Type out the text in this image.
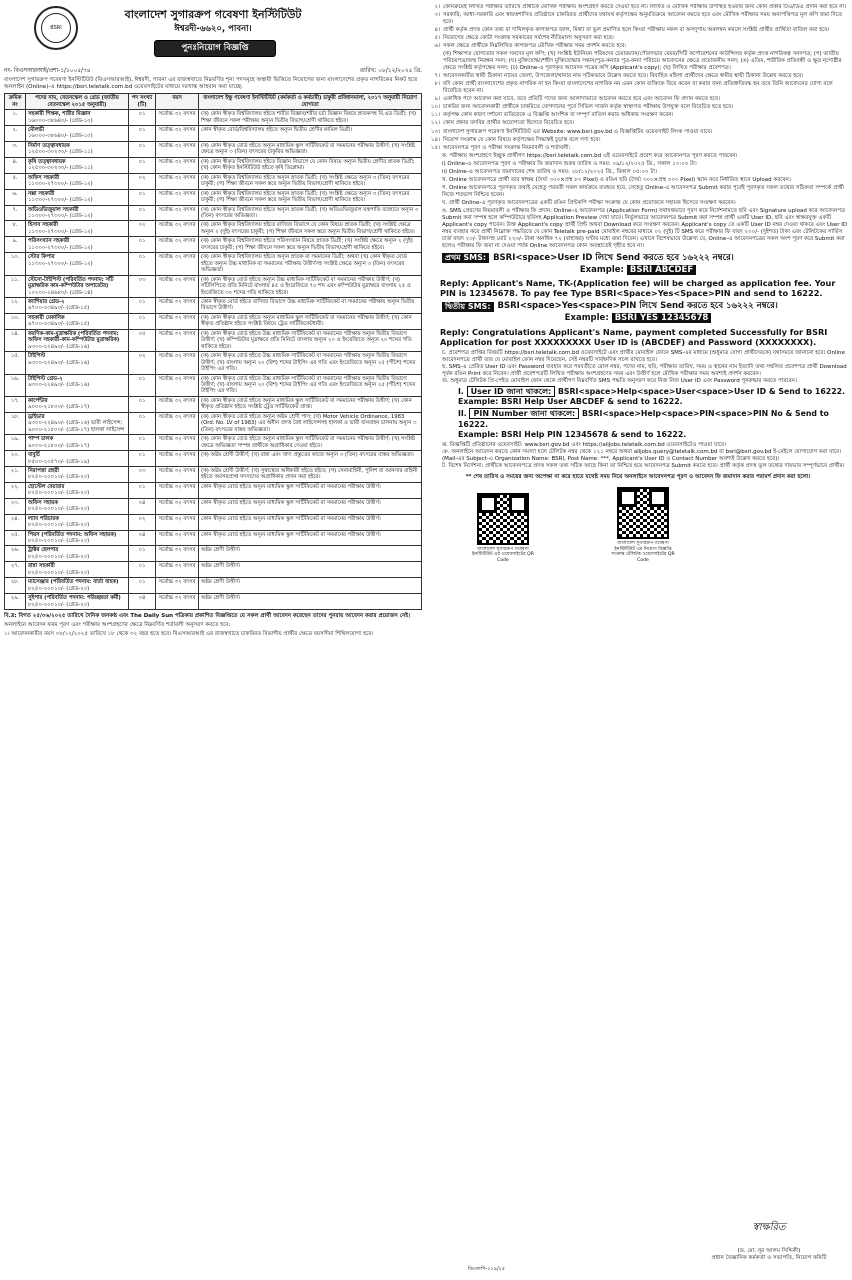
BSRI
বাংলাদেশ সুগারক্রপ গবেষণা ইনস্টিটিউট
ঈশ্বরদী-৬৬২০, পাবনা।
পুনঃনিয়োগ বিজ্ঞপ্তি
নং- বিএসআরআই/প্রশা-১/১০০৫/৭৪	তারিখ: ০৮/১২/২০২৫ খ্রি.
বাংলাদেশ সুগারক্রপ গবেষণা ইনস্টিটিউট (বিএসআরআই), ঈশ্বরদী, পাবনা এর রাজস্বখাতে নিম্নবর্ণিত শূন্য পদসমূহে অস্থায়ী ভিত্তিতে নিয়োগের জন্য বাংলাদেশের প্রকৃত নাগরিকের নিকট হতে অনলাইন (Online)-এ https://bsri.teletalk.com.bd ওয়েবসাইটের মাধ্যমে দরখাস্ত আহবান করা যাচ্ছে:
ক্রমিক নং	পদের নাম, বেতনস্কেল ও গ্রেড (জাতীয় বেতনস্কেল ২০১৫ অনুযায়ী)	পদ সংখ্যা (টি)	বয়স	বাংলাদেশ ইক্ষু গবেষণা ইনস্টিটিউট (কর্মকর্তা ও কর্মচারী) চাকুরী প্রবিধানমালা, ২০১৭ অনুযায়ী নিয়োগ যোগ্যতা
১.	সহকারী শিক্ষক, শারীর বিজ্ঞান
১৬০০০-৩৮৬৪০/- (গ্রেড-১০)	০১	সর্বোচ্চ ৩২ বৎসর	(ক) কোন স্বীকৃত বিশ্ববিদ্যালয় হইতে শারীর বিজ্ঞান/শরীর চর্চা বিজ্ঞান বিষয়ে স্নাতকসহ বি.এড ডিগ্রী; (খ) শিক্ষা জীবনে সকল পরীক্ষায় অন্যূন দ্বিতীয় বিভাগ/শ্রেণী থাকিতে হইবে।
২.	মৌলভী
১৬০০০-৩৮৬৪০/- (গ্রেড-১০)	০১	সর্বোচ্চ ৩২ বৎসর	কোন স্বীকৃত বোর্ড/বিশ্ববিদ্যালয় হইতে অন্যূন দ্বিতীয় শ্রেণীর কামিল ডিগ্রী।
৩.	নির্মাণ তত্ত্বাবধায়ক
১২৫০০-৩০২৩০/- (গ্রেড-১১)	০১	সর্বোচ্চ ৩২ বৎসর	(ক) কোন স্বীকৃত বোর্ড হইতে অন্যূন মাধ্যমিক স্কুল সার্টিফিকেট বা সমমানের পরীক্ষায় উত্তীর্ণ; (খ) সংশ্লিষ্ট ক্ষেত্রে অন্যূন ৩ (তিন) বৎসরের চাকুরির অভিজ্ঞতা।
৪.	কৃষি তত্ত্বাবধায়ক
১২৫০০-৩০২৩০/- (গ্রেড-১১)	০১	সর্বোচ্চ ৩২ বৎসর	(ক) কোন স্বীকৃত বিশ্ববিদ্যালয় হইতে বিজ্ঞান বিভাগে যে কোন বিষয়ে অন্যূন দ্বিতীয় শ্রেণীর স্নাতক ডিগ্রী; (খ) কোন স্বীকৃত ইনস্টিটিউট হইতে কৃষি ডিপ্লোমা।
৫.	অফিস সহকারী
১১৩০০-২৭৩০০/- (গ্রেড-১২)	০২	সর্বোচ্চ ৩২ বৎসর	(ক) কোন স্বীকৃত বিশ্ববিদ্যালয় হইতে অন্যূন স্নাতক ডিগ্রী; (খ) সংশ্লিষ্ট ক্ষেত্রে অন্যূন ৩ (তিন) বৎসরের চাকুরী; (গ) শিক্ষা জীবনে সকল স্তরে অন্যূন দ্বিতীয় বিভাগ/শ্রেণী থাকিতে হইবে।
৬.	নক্সা সহকারী
১১৩০০-২৭৩০০/- (গ্রেড-১২)	০১	সর্বোচ্চ ৩২ বৎসর	(ক) কোন স্বীকৃত বিশ্ববিদ্যালয় হইতে অন্যূন স্নাতক ডিগ্রী; (খ) সংশ্লিষ্ট ক্ষেত্রে অন্যূন ৩ (তিন) বৎসরের চাকুরী; (গ) শিক্ষা জীবনে সকল স্তরে অন্যূন দ্বিতীয় বিভাগ/শ্রেণী থাকিতে হইবে।
৭.	অডিওভিজুয়াল সহকারী
১১৩০০-২৭৩০০/- (গ্রেড-১২)	০১	সর্বোচ্চ ৩২ বৎসর	(ক) কোন স্বীকৃত বিশ্ববিদ্যালয় হইতে অন্যূন স্নাতক ডিগ্রী; (খ) অডিওভিজুয়াল যন্ত্রপাতি ব্যবহারে অন্যূন ৩ (তিন) বৎসরের অভিজ্ঞতা।
৮.	হিসাব সহকারী
১১৩০০-২৭৩০০/- (গ্রেড-১২)	০২	সর্বোচ্চ ৩২ বৎসর	(ক) কোন স্বীকৃত বিশ্ববিদ্যালয় হইতে বাণিজ্য বিভাগে যে কোন বিষয়ে স্নাতক ডিগ্রী; (খ) সংশ্লিষ্ট ক্ষেত্রে অন্যূন ২ (দুই) বৎসরের চাকুরী; (গ) শিক্ষা জীবনে সকল স্তরে অন্যূন দ্বিতীয় বিভাগ/শ্রেণী থাকিতে হইবে।
৯.	পরিসংখ্যান সহকারী
১১৩০০-২৭৩০০/- (গ্রেড-১২)	০১	সর্বোচ্চ ৩২ বৎসর	(ক) কোন স্বীকৃত বিশ্ববিদ্যালয় হইতে পরিসংখ্যান বিষয়ে স্নাতক ডিগ্রী; (খ) সংশ্লিষ্ট ক্ষেত্রে অন্যূন ২ (দুই) বৎসরের চাকুরী; (গ) শিক্ষা জীবনে সকল স্তরে অন্যূন দ্বিতীয় বিভাগ/শ্রেণী থাকিতে হইবে।
১০.	স্টোর কিপার
১১৩০০-২৭৩০০/- (গ্রেড-১২)	০১	সর্বোচ্চ ৩২ বৎসর	(ক) কোন স্বীকৃত বিশ্ববিদ্যালয় হইতে অন্যূন স্নাতক বা সমমানের ডিগ্রী; অথবা (খ) কোন স্বীকৃত বোর্ড হইতে অন্যূন উচ্চ মাধ্যমিক বা সমমানের পরীক্ষায় উত্তীর্ণসহ সংশ্লিষ্ট ক্ষেত্রে অন্যূন ৩ (তিন) বৎসরের অভিজ্ঞতা।
১১.	স্টেনো-টাইপিস্ট (পরিবর্তিত পদনাম: সাঁট মুদ্রাক্ষরিক কাম-কম্পিউটার অপারেটর)
১০২০০-২৪৬৮০/- (গ্রেড-১৪)	০৩	সর্বোচ্চ ৩২ বৎসর	(ক) কোন স্বীকৃত বোর্ড হইতে অন্যূন উচ্চ মাধ্যমিক সার্টিফিকেট বা সমমানের পরীক্ষায় উত্তীর্ণ; (খ) সাঁটলিপিতে প্রতি মিনিটে বাংলায় ৪৫ ও ইংরেজিতে ৭০ শব্দ এবং কম্পিউটার মুদ্রাক্ষরে বাংলায় ২৫ ও ইংরেজিতে ৩০ শব্দের গতি থাকিতে হইবে।
১২.	ক্যাশিয়ার গ্রেড-২
৯৭০০-২৩৪৯০/- (গ্রেড-১৫)	০১	সর্বোচ্চ ৩২ বৎসর	কোন স্বীকৃত বোর্ড হইতে বাণিজ্য বিভাগে উচ্চ মাধ্যমিক সার্টিফিকেট বা সমমানের পরীক্ষায় অন্যূন দ্বিতীয় বিভাগে উত্তীর্ণ।
১৩.	সহকারী মেকানিক
৯৭০০-২৩৪৯০/- (গ্রেড-১৫)	০১	সর্বোচ্চ ৩২ বৎসর	(ক) কোন স্বীকৃত বোর্ড হইতে অন্যূন মাধ্যমিক স্কুল সার্টিফিকেট বা সমমানের পরীক্ষায় উত্তীর্ণ; (খ) কোন স্বীকৃত প্রতিষ্ঠান হইতে সংশ্লিষ্ট বিষয়ে ট্রেড সার্টিফিকেটধারী।
১৪.	করণিক-কাম-মুদ্রাক্ষরিক (পরিবর্তিত পদনাম: অফিস সহকারী-কাম-কম্পিউটার মুদ্রাক্ষরিক)
৯৩০০-২২৪৯০/- (গ্রেড-১৬)	০৫	সর্বোচ্চ ৩২ বৎসর	(ক) কোন স্বীকৃত বোর্ড হইতে উচ্চ মাধ্যমিক সার্টিফিকেট বা সমমানের পরীক্ষায় অন্যূন দ্বিতীয় বিভাগে উত্তীর্ণ; (খ) কম্পিউটার মুদ্রাক্ষরে প্রতি মিনিটে বাংলায় অন্যূন ২০ ও ইংরেজিতে অন্যূন ২০ শব্দের গতি থাকিতে হইবে।
১৫.	টাইপিস্ট
৯৩০০-২২৪৯০/- (গ্রেড-১৬)	০২	সর্বোচ্চ ৩২ বৎসর	(ক) কোন স্বীকৃত বোর্ড হইতে উচ্চ মাধ্যমিক সার্টিফিকেট বা সমমানের পরীক্ষায় অন্যূন দ্বিতীয় বিভাগে উত্তীর্ণ; (খ) বাংলায় অন্যূন ২০ (বিশ) শব্দের টাইপিং এর গতি এবং ইংরেজিতে অন্যূন ২৫ (পঁচিশ) শব্দের টাইপিং এর গতি।
১৬.	টাইপিস্ট গ্রেড-২
৯৩০০-২২৪৯০/- (গ্রেড-১৬)	০১	সর্বোচ্চ ৩২ বৎসর	(ক) কোন স্বীকৃত বোর্ড হইতে উচ্চ মাধ্যমিক সার্টিফিকেট বা সমমানের পরীক্ষায় অন্যূন দ্বিতীয় বিভাগে উত্তীর্ণ; (খ) বাংলায় অন্যূন ২০ (বিশ) শব্দের টাইপিং এর গতি এবং ইংরেজিতে অন্যূন ২৫ (পঁচিশ) শব্দের টাইপিং এর গতি।
১৭.	কার্পেন্টার
৯০০০-২১৮০০/- (গ্রেড-১৭)	০১	সর্বোচ্চ ৩২ বৎসর	(ক) কোন স্বীকৃত বোর্ড হইতে অন্যূন মাধ্যমিক স্কুল সার্টিফিকেট বা সমমানের পরীক্ষায় উত্তীর্ণ; (খ) কোন স্বীকৃত প্রতিষ্ঠান হইতে সংশ্লিষ্ট ট্রেড সার্টিফিকেট প্রাপ্ত।
১৮.	ড্রাইভার
৯৩০০-২২৪৯০/- (গ্রেড-১৬) ভারী লাইসেন্স; ৯০০০-২১৮০০/- (গ্রেড-১৭) হালকা লাইসেন্স	০১	সর্বোচ্চ ৩২ বৎসর	(ক) কোন স্বীকৃত বোর্ড হইতে অন্যূন অষ্টম শ্রেণী পাস; (খ) Motor Vehicle Ordinance, 1983 (Ord. No. LV of 1983) এর অধীন প্রদত্ত বৈধ লাইসেন্সসহ হালকা ও ভারী যানবাহন চালনায় অন্যূন ৩ (তিন) বৎসরের বাস্তব অভিজ্ঞতা।
১৯.	পাম্প চালক
৯০০০-২১৮০০/- (গ্রেড-১৭)	০১	সর্বোচ্চ ৩২ বৎসর	(ক) কোন স্বীকৃত বোর্ড হইতে অন্যূন মাধ্যমিক স্কুল সার্টিফিকেট বা সমমানের পরীক্ষায় উত্তীর্ণ; (খ) সংশ্লিষ্ট ক্ষেত্রে অভিজ্ঞতা সম্পন্ন প্রার্থীকে অগ্রাধিকার দেওয়া হইবে।
২০.	বাবুর্চি
৮৫০০-২০৫৭০/- (গ্রেড-১৯)	০১	সর্বোচ্চ ৩২ বৎসর	(ক) অষ্টম শ্রেণী উত্তীর্ণ; (খ) রান্না এবং খাদ্য প্রস্তুতের কাজে অন্যূন ৩ (তিন) বৎসরের বাস্তব অভিজ্ঞতা।
২১.	নিরাপত্তা প্রহরী
৮২৫০-২০০১০/- (গ্রেড-২০)	০৩	সর্বোচ্চ ৩২ বৎসর	(ক) অষ্টম শ্রেণী উত্তীর্ণ; (খ) সুস্বাস্থ্যের অধিকারী হইতে হইবে; (গ) সেনাবাহিনী, পুলিশ বা আনসার বাহিনী হইতে অবসরপ্রাপ্ত সদস্যদের অগ্রাধিকার প্রদান করা হইবে।
২২.	হোস্টেল বেয়ারার
৮২৫০-২০০১০/- (গ্রেড-২০)	০১	সর্বোচ্চ ৩২ বৎসর	কোন স্বীকৃত বোর্ড হইতে অন্যূন মাধ্যমিক স্কুল সার্টিফিকেট বা সমমানের পরীক্ষায় উত্তীর্ণ।
২৩.	অফিস সহায়ক
৮২৫০-২০০১০/- (গ্রেড-২০)	০৪	সর্বোচ্চ ৩২ বৎসর	কোন স্বীকৃত বোর্ড হইতে অন্যূন মাধ্যমিক স্কুল সার্টিফিকেট বা সমমানের পরীক্ষায় উত্তীর্ণ।
২৪.	ল্যাব পরিচারক
৮২৫০-২০০১০/- (গ্রেড-২০)	০২	সর্বোচ্চ ৩২ বৎসর	কোন স্বীকৃত বোর্ড হইতে অন্যূন মাধ্যমিক স্কুল সার্টিফিকেট বা সমমানের পরীক্ষায় উত্তীর্ণ।
২৫.	পিয়ন (পরিবর্তিত পদনাম: অফিস সহায়ক)
৮২৫০-২০০১০/- (গ্রেড-২০)	০৪	সর্বোচ্চ ৩২ বৎসর	কোন স্বীকৃত বোর্ড হইতে অন্যূন মাধ্যমিক স্কুল সার্টিফিকেট বা সমমানের পরীক্ষায় উত্তীর্ণ।
২৬.	ট্রাক্টর হেলপার
৮২৫০-২০০১০/- (গ্রেড-২০)	০১	সর্বোচ্চ ৩২ বৎসর	অষ্টম শ্রেণী উত্তীর্ণ।
২৭.	রান্না সহকারী
৮২৫০-২০০১০/- (গ্রেড-২০)	০১	সর্বোচ্চ ৩২ বৎসর	অষ্টম শ্রেণী উত্তীর্ণ।
২৮.	ম্যাসেঞ্জার (পরিবর্তিত পদনাম: বার্তা বাহক)
৮২৫০-২০০১০/- (গ্রেড-২০)	০১	সর্বোচ্চ ৩২ বৎসর	অষ্টম শ্রেণী উত্তীর্ণ।
২৯.	সুইপার (পরিবর্তিত পদনাম: পরিচ্ছন্নতা কর্মী)
৮২৫০-২০০১০/- (গ্রেড-২০)	০৪	সর্বোচ্চ ৩২ বৎসর	অষ্টম শ্রেণী উত্তীর্ণ।
বি.দ্র: বিগত ২৫/০৬/২০২৫ তারিখে দৈনিক জনকণ্ঠ এবং The Daily Sun পত্রিকায় প্রকাশিত বিজ্ঞপ্তিতে যে সকল প্রার্থী আবেদন করেছেন তাদের পুনরায় আবেদন করার প্রয়োজন নেই।
অনলাইনে আবেদন ফরম পূরণ এবং পরীক্ষায় অংশগ্রহণের ক্ষেত্রে নিম্নবর্ণিত শর্তাবলী অনুসরণ করতে হবে:
১। আবেদনকারীর বয়স ০৮/১২/২০২৫ তারিখে ১৮ থেকে ৩২ বছর হতে হবে। বিএসআরআই এর রাজস্বখাতে চাকরিরত বিভাগীয় প্রার্থীর ক্ষেত্রে বয়সসীমা শিথিলযোগ্য হবে।
২। কোনক্রমেই লিখিত পরীক্ষার তারিখে প্রার্থীকে মৌখিক পরীক্ষায় অংশগ্রহণ করতে দেওয়া হবে না। লিখিত ও মৌখিক পরীক্ষায় উপস্থিত হওয়ার জন্য কোন প্রকার টিএ/ডিএ প্রদান করা হবে না।
৩। সরকারি, আধা-সরকারি এবং স্বায়ত্তশাসিত প্রতিষ্ঠানে চাকরিরত প্রার্থীদের যথাযথ কর্তৃপক্ষের অনুমতিক্রমে আবেদন করতে হবে এবং মৌখিক পরীক্ষার সময় অনাপত্তিপত্র মূল কপি জমা দিতে হবে।
৪। প্রার্থী কর্তৃক প্রদত্ত কোন তথ্য বা দাখিলকৃত কাগজপত্র জাল, মিথ্যা বা ভুল প্রমাণিত হলে কিংবা পরীক্ষায় নকল বা অসদুপায় অবলম্বন করলে সংশ্লিষ্ট প্রার্থীর প্রার্থিতা বাতিল করা হবে।
৫। নিয়োগের ক্ষেত্রে কোটা সংক্রান্ত সরকারের সর্বশেষ নীতিমালা অনুসরণ করা হবে।
৬। সকল ক্ষেত্রে প্রার্থীকে নিম্নলিখিত কাগজপত্র মৌখিক পরীক্ষার সময় প্রদর্শন করতে হবে:
(ক) শিক্ষাগত যোগ্যতার সকল সনদের মূল কপি; (খ) সংশ্লিষ্ট ইউনিয়ন পরিষদের চেয়ারম্যান/পৌরসভার মেয়র/সিটি কর্পোরেশনের কাউন্সিলর কর্তৃক প্রদত্ত নাগরিকত্ব সনদপত্র; (গ) জাতীয় পরিচয়পত্র/জন্ম নিবন্ধন সনদ; (ঘ) মুক্তিযোদ্ধা/শহীদ মুক্তিযোদ্ধার সন্তান/পুত্র-কন্যার পুত্র-কন্যা পরিচয়ে আবেদনের ক্ষেত্রে প্রয়োজনীয় সনদ; (ঙ) এতিম, শারীরিক প্রতিবন্ধী ও ক্ষুদ্র নৃগোষ্ঠীর ক্ষেত্রে সংশ্লিষ্ট কর্তৃপক্ষের সনদ; (চ) Online-এ পূরণকৃত আবেদন পত্রের কপি (Applicant's copy); (ছ) লিখিত পরীক্ষার প্রবেশপত্র।
৭। আবেদনকারীর স্থায়ী ঠিকানা নামের জেলা, উপজেলা/থানার নাম সঠিকভাবে উল্লেখ করতে হবে। বিবাহিত মহিলা প্রার্থীদের ক্ষেত্রে স্বামীর স্থায়ী ঠিকানা উল্লেখ করতে হবে।
৮। যদি কোন প্রার্থী বাংলাদেশের প্রকৃত নাগরিক না হন কিংবা বাংলাদেশের নাগরিক নন এমন কোন ব্যক্তিকে বিয়ে করেন বা করার জন্য প্রতিশ্রুতিবদ্ধ হন তবে তিনি আবেদনের যোগ্য বলে বিবেচিত হবেন না।
৯। একাধিক পদে আবেদন করা যাবে, তবে প্রতিটি পদের জন্য আলাদাভাবে আবেদন করতে হবে এবং আবেদন ফি প্রদান করতে হবে।
১০। চাকরির জন্য আবেদনকারী প্রার্থীকে চাকরিতে যোগদানের পূর্বে সিভিল সার্জন কর্তৃক স্বাস্থ্যগত পরীক্ষায় উপযুক্ত বলে বিবেচিত হতে হবে।
১১। কর্তৃপক্ষ কোন কারণ দর্শানো ব্যতিরেকে এ বিজ্ঞপ্তি আংশিক বা সম্পূর্ণ বাতিল করার অধিকার সংরক্ষণ করেন।
১২। কোন প্রকার তদবির প্রার্থীর অযোগ্যতা হিসেবে বিবেচিত হবে।
১৩। বাংলাদেশ সুগারক্রপ গবেষণা ইনস্টিটিউট এর Website: www.bsri.gov.bd এ বিজ্ঞপ্তিটির ওয়েবসাইট লিংক পাওয়া যাবে।
১৪। নিয়োগ সংক্রান্ত যে কোন বিষয়ে কর্তৃপক্ষের সিদ্ধান্তই চূড়ান্ত বলে গণ্য হবে।
১৫। আবেদনপত্র পূরণ ও পরীক্ষা সংক্রান্ত নিয়মাবলী ও শর্তাবলী:
ক. পরীক্ষায় অংশগ্রহণে ইচ্ছুক প্রার্থীগণ https://bsri.teletalk.com.bd এই ওয়েবসাইটে প্রবেশ করে আবেদনপত্র পূরণ করতে পারবেন।
i) Online-এ আবেদনপত্র পূরণ ও পরীক্ষার ফি জমাদান শুরুর তারিখ ও সময়: ০৯/১২/২০২৫ খ্রি., সকাল ১০:০০ টা।
ii) Online-এ আবেদনপত্র জমাদানের শেষ তারিখ ও সময়: ২৮/১২/২০২৫ খ্রি., বিকাল ০৫:০০ টা।
খ. Online আবেদনপত্রে প্রার্থী তার স্বাক্ষর (দৈর্ঘ্য ৩০০×প্রস্থ ৮০ Pixel) ও রঙিন ছবি (দৈর্ঘ্য ৩০০×প্রস্থ ৩০০ Pixel) স্ক্যান করে নির্ধারিত স্থানে Upload করবেন।
গ. Online আবেদনপত্রে পূরণকৃত তথ্যই যেহেতু পরবর্তী সকল কার্যক্রমে ব্যবহৃত হবে, সেহেতু Online-এ আবেদনপত্র Submit করার পূর্বেই পূরণকৃত সকল তথ্যের সঠিকতা সম্পর্কে প্রার্থী নিজে শতভাগ নিশ্চিত হবেন।
ঘ. প্রার্থী Online-এ পূরণকৃত আবেদনপত্রের একটি রঙিন প্রিন্টকপি পরীক্ষা সংক্রান্ত যে কোন প্রয়োজনে সহায়ক হিসেবে সংরক্ষণ করবেন।
ঙ. SMS প্রেরণের নিয়মাবলী ও পরীক্ষার ফি প্রদান: Online-এ আবেদনপত্র (Application Form) যথাযথভাবে পূরণ করে নির্দেশনামতে ছবি এবং Signature upload করে আবেদনপত্র Submit করা সম্পন্ন হলে কম্পিউটারে ছবিসহ Application Preview দেখা যাবে। নির্ভুলভাবে আবেদনপত্র Submit করা সম্পন্ন প্রার্থী একটি User ID, ছবি এবং স্বাক্ষরযুক্ত একটি Applicant's copy পাবেন। উক্ত Applicant's copy প্রার্থী প্রিন্ট অথবা Download করে সংরক্ষণ করবেন। Applicant's copy তে একটি User ID নম্বর দেওয়া থাকবে এবং User ID নম্বর ব্যবহার করে প্রার্থী নিম্নোক্ত পদ্ধতিতে যে কোন Teletalk pre-paid মোবাইল নম্বরের মাধ্যমে ০২ (দুই) টি SMS করে পরীক্ষার ফি বাবদ ২০০/- (দুইশত) টাকা এবং টেলিটকের সার্ভিস চার্জ বাবদ ২৩/- টাকাসহ মোট ২২৩/- টাকা অনধিক ৭২ (বাহাত্তর) ঘণ্টার মধ্যে জমা দিবেন। এখানে বিশেষভাবে উল্লেখ্য যে, Online-এ আবেদনপত্রের সকল অংশ পূরণ করে Submit করা হলেও পরীক্ষার ফি জমা না দেওয়া পর্যন্ত Online আবেদনপত্র কোন অবস্থাতেই গৃহীত হবে না।
প্রথম SMS: BSRI<space>User ID লিখে Send করতে হবে ১৬২২২ নম্বরে।
Example: BSRI ABCDEF
Reply: Applicant's Name, TK-(Application fee) will be charged as application fee. Your PIN is 12345678. To pay fee Type BSRI<Space>Yes<Space>PIN and send to 16222.
দ্বিতীয় SMS: BSRI<space>Yes<space>PIN লিখে Send করতে হবে ১৬২২২ নম্বরে।
Example: BSRI YES 12345678
Reply: Congratulations Applicant's Name, payment completed Successfully for BSRI Application for post XXXXXXXXX User ID is (ABCDEF) and Password (XXXXXXXX).
চ. প্রবেশপত্র প্রাপ্তির বিষয়টি https://bsri.teletalk.com.bd ওয়েবসাইটে এবং প্রার্থীর মোবাইল ফোনে SMS-এর মাধ্যমে (শুধুমাত্র যোগ্য প্রার্থীদেরকে) যথাসময়ে জানানো হবে। Online আবেদনপত্রে প্রার্থী তার যে মোবাইল ফোন নম্বর দিয়েছেন, সেই নম্বরটি সার্বক্ষণিক সচল রাখতে হবে।
ছ. SMS-এ প্রেরিত User ID এবং Password ব্যবহার করে পরবর্তীতে রোল নম্বর, পদের নাম, ছবি, পরীক্ষার তারিখ, সময় ও স্থানের নাম ইত্যাদি তথ্য সম্বলিত প্রবেশপত্র প্রার্থী Download পূর্বক রঙিন Print করে নিবেন। প্রার্থী প্রবেশপত্রটি লিখিত পরীক্ষায় অংশগ্রহণের সময় এবং উত্তীর্ণ হলে মৌখিক পরীক্ষার সময় অবশ্যই প্রদর্শন করবেন।
জ. শুধুমাত্র টেলিটক প্রি-পেইড মোবাইল ফোন থেকে প্রার্থীগণ নিম্নবর্ণিত SMS পদ্ধতি অনুসরণ করে নিজ নিজ User ID এবং Password পুনরুদ্ধার করতে পারবেন।
I. User ID জানা থাকলে: BSRI<space>Help<space>User<space>User ID & Send to 16222.
Example: BSRI Help User ABCDEF & send to 16222.
II. PIN Number জানা থাকলে: BSRI<space>Help<space>PIN<space>PIN No & Send to 16222.
Example: BSRI Help PIN 12345678 & send to 16222.
ঝ. বিজ্ঞপ্তিটি প্রতিষ্ঠানের ওয়েবসাইট: www.bsri.gov.bd এবং https://alljobs.teletalk.com.bd ওয়েবসাইটেও পাওয়া যাবে।
ঞ. অনলাইনে আবেদন করতে কোন সমস্যা হলে টেলিটক নম্বর থেকে ১২১ নম্বরে অথবা alljobs.query@teletalk.com.bd বা bsri@bsri.gov.bd ই-মেইলে যোগাযোগ করা যাবে। (Mail-এর Subject-এ Organization Name: BSRI, Post Name: ***, Applicant's User ID ও Contact Number অবশ্যই উল্লেখ করতে হবে)।
ট. বিশেষ নির্দেশনা: প্রার্থীকে আবেদনপত্রে প্রদত্ত সকল তথ্য সঠিক আছে কিনা তা নিশ্চিত হয়ে আবেদনপত্র Submit করতে হবে। প্রার্থী কর্তৃক প্রদত্ত ভুল তথ্যের দায়ভার সম্পূর্ণভাবে প্রার্থীর।
** শেষ তারিখ ও সময়ের জন্য অপেক্ষা না করে হাতে যথেষ্ট সময় নিয়ে অনলাইনে আবেদনপত্র পূরণ ও আবেদন ফি জমাদান করার পরামর্শ প্রদান করা হলো।
বাংলাদেশ সুগারক্রপ গবেষণা ইনস্টিটিউট এর ওয়েবসাইটের QR Code
বাংলাদেশ সুগারক্রপ গবেষণা ইনস্টিটিউট এর নিয়োগ বিজ্ঞপ্তি সংক্রান্ত টেলিটক ওয়েবসাইটের QR Code
স্বাক্ষরিত
(ড. মো. নূর আলম সিদ্দিকী)
প্রধান বৈজ্ঞানিক কর্মকর্তা ও সভাপতি, নিয়োগ কমিটি
ডিএফপি-২২৯/২৫
